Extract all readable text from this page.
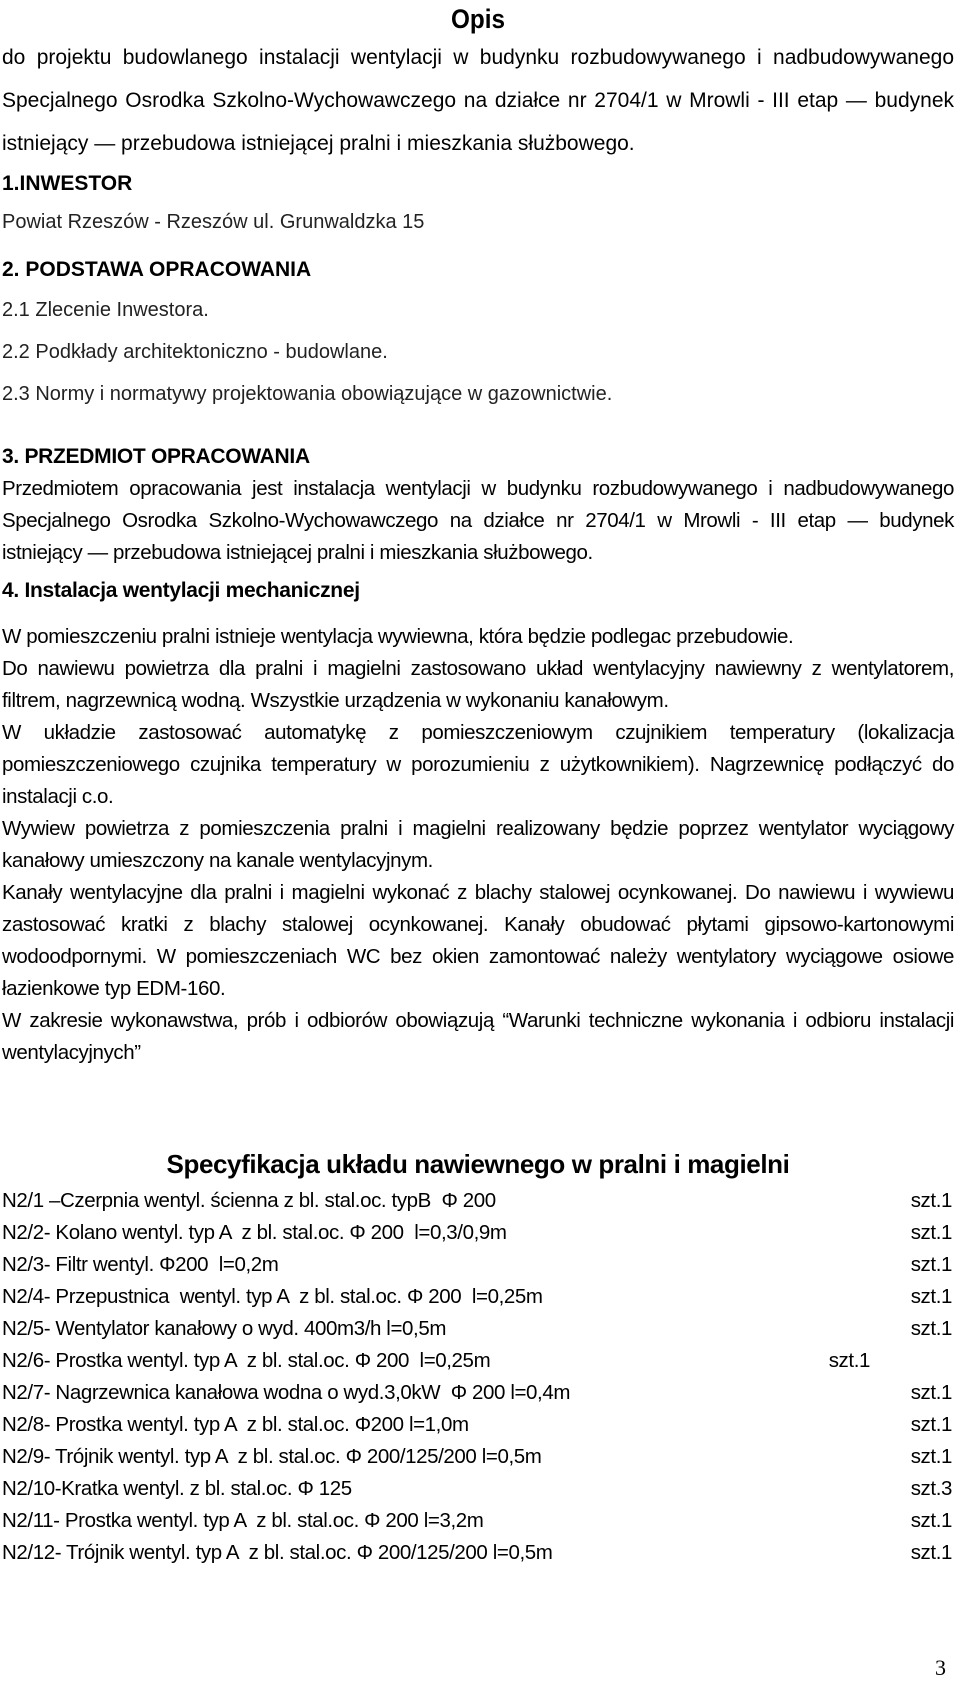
Opis

do projektu budowlanego instalacji wentylacji w budynku rozbudowywanego i nadbudowywanego Specjalnego Osrodka Szkolno-Wychowawczego na działce nr 2704/1 w Mrowli - III etap — budynek istniejący — przebudowa istniejącej pralni i mieszkania służbowego.

1.INWESTOR

Powiat Rzeszów - Rzeszów ul. Grunwaldzka 15

2. PODSTAWA OPRACOWANIA

2.1 Zlecenie Inwestora.

2.2 Podkłady architektoniczno - budowlane.

2.3 Normy i normatywy projektowania obowiązujące w gazownictwie.

3. PRZEDMIOT OPRACOWANIA

Przedmiotem opracowania jest instalacja wentylacji w budynku rozbudowywanego i nadbudowywanego Specjalnego Osrodka Szkolno-Wychowawczego na działce nr 2704/1 w Mrowli - III etap — budynek istniejący — przebudowa istniejącej pralni i mieszkania służbowego.

4. Instalacja wentylacji mechanicznej

W pomieszczeniu pralni istnieje wentylacja wywiewna, która będzie podlegac przebudowie.

Do nawiewu powietrza dla pralni i magielni zastosowano układ wentylacyjny nawiewny z wentylatorem, filtrem, nagrzewnicą wodną. Wszystkie urządzenia w wykonaniu kanałowym.

W układzie zastosować automatykę z pomieszczeniowym czujnikiem temperatury (lokalizacja pomieszczeniowego czujnika temperatury w porozumieniu z użytkownikiem). Nagrzewnicę podłączyć do instalacji c.o.

Wywiew powietrza z pomieszczenia pralni i magielni realizowany będzie poprzez wentylator wyciągowy kanałowy umieszczony na kanale wentylacyjnym.

Kanały wentylacyjne dla pralni i magielni wykonać z blachy stalowej ocynkowanej. Do nawiewu i wywiewu zastosować kratki z blachy stalowej ocynkowanej. Kanały obudować płytami gipsowo-kartonowymi wodoodpornymi. W pomieszczeniach WC bez okien zamontować należy wentylatory wyciągowe osiowe łazienkowe typ EDM-160.

W zakresie wykonawstwa, prób i odbiorów obowiązują “Warunki techniczne wykonania i odbioru instalacji wentylacyjnych”

Specyfikacja układu nawiewnego w pralni i magielni
N2/1 –Czerpnia wentyl. ścienna z bl. stal.oc. typB  Φ 200	szt.1
N2/2- Kolano wentyl. typ A  z bl. stal.oc. Φ 200  l=0,3/0,9m	szt.1
N2/3- Filtr wentyl. Φ200  l=0,2m	szt.1
N2/4- Przepustnica  wentyl. typ A  z bl. stal.oc. Φ 200  l=0,25m	szt.1
N2/5- Wentylator kanałowy o wyd. 400m3/h l=0,5m	szt.1
N2/6- Prostka wentyl. typ A  z bl. stal.oc. Φ 200  l=0,25m	szt.1
N2/7- Nagrzewnica kanałowa wodna o wyd.3,0kW  Φ 200 l=0,4m	szt.1
N2/8- Prostka wentyl. typ A  z bl. stal.oc. Φ200 l=1,0m	szt.1
N2/9- Trójnik wentyl. typ A  z bl. stal.oc. Φ 200/125/200 l=0,5m	szt.1
N2/10-Kratka wentyl. z bl. stal.oc. Φ 125	szt.3
N2/11- Prostka wentyl. typ A  z bl. stal.oc. Φ 200 l=3,2m	szt.1
N2/12- Trójnik wentyl. typ A  z bl. stal.oc. Φ 200/125/200 l=0,5m	szt.1
3
